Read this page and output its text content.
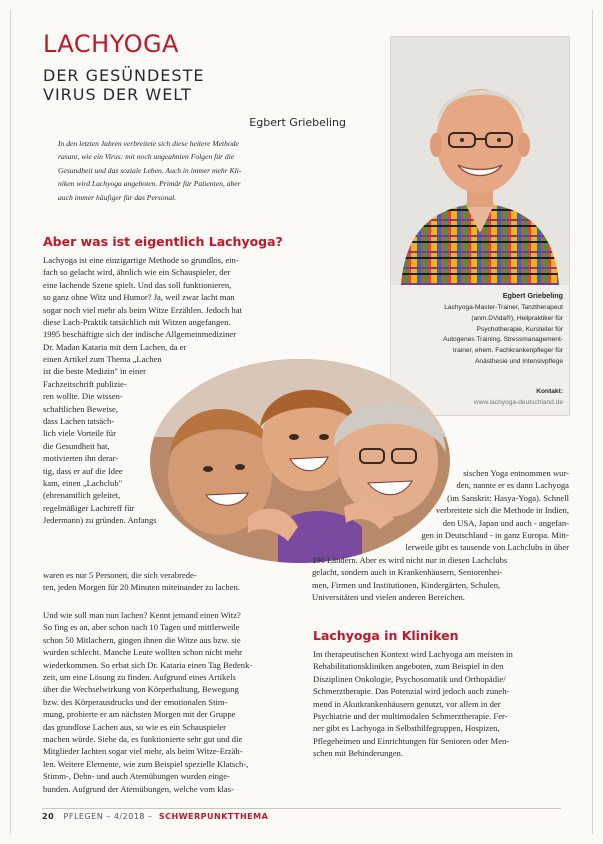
LACHYOGA
DER GESÜNDESTE
VIRUS DER WELT
Egbert Griebeling

In den letzten Jahren verbreitete sich diese heitere Methode
rasant, wie ein Virus: mit noch ungeahnten Folgen für die
Gesundheit und das soziale Leben. Auch in immer mehr Kli-
niken wird Lachyoga angeboten. Primär für Patienten, aber
auch immer häufiger für das Personal.

Egbert Griebeling

Lachyoga-Master-Trainer, Tanztherapeut
(anm.DVida®), Heilpraktiker für
Psychotherapie, Kursleiter für
Autogenes Training, Stressmanagement-
trainer, ehem. Fachkrankenpfleger für
Anästhesie und Intensivpflege

Kontakt:
www.lachyoga-deutschland.de
Aber was ist eigentlich Lachyoga?
Lachyoga ist eine einzigartige Methode so grundlos, ein-
fach so gelacht wird, ähnlich wie ein Schauspieler, der
eine lachende Szene spielt. Und das soll funktionieren,
so ganz ohne Witz und Humor? Ja, weil zwar lacht man
sogar noch viel mehr als beim Witze Erzählen. Jedoch hat
diese Lach-Praktik tatsächlich mit Witzen angefangen.
1995 beschäftigte sich der indische Allgemeinmediziner
Dr. Madan Kataria mit dem Lachen, da er
einen Artikel zum Thema „Lachen
ist die beste Medizin" in einer
Fachzeitschrift publizie-
ren wollte. Die wissen-
schaftlichen Beweise,
dass Lachen tatsäch-
lich viele Vorteile für
die Gesundheit hat,
motivierten ihn derar-
tig, dass er auf die Idee
kam, einen „Lachclub"
(ehrenamtlich geleitet,
regelmäßiger Lachtreff für
Jedermann) zu gründen. Anfangs
waren es nur 5 Personen, die sich verabrede-
ten, jeden Morgen für 20 Minuten miteinander zu lachen.
Und wie soll man nun lachen? Kennt jemand einen Witz?
So fing es an, aber schon nach 10 Tagen und mittlerweile
schon 50 Mitlachern, gingen ihnen die Witze aus bzw. sie
wurden schlecht. Manche Leute wollten schon nicht mehr
wiederkommen. So erbat sich Dr. Kataria einen Tag Bedenk-
zeit, um eine Lösung zu finden. Aufgrund eines Artikels
über die Wechselwirkung von Körperhaltung, Bewegung
bzw. des Körperausdrucks und der emotionalen Stim-
mung, probierte er am nächsten Morgen mit der Gruppe
das grundlose Lachen aus, so wie es ein Schauspieler
machen würde. Siehe da, es funktionierte sehr gut und die
Mitglieder lachten sogar viel mehr, als beim Witze-Erzäh-
len. Weitere Elemente, wie zum Beispiel spezielle Klatsch-,
Stimm-, Dehn- und auch Atemübungen wurden einge-
bunden. Aufgrund der Atemübungen, welche vom klas-
sischen Yoga entnommen wur-
den, nannte er es dann Lachyoga
(im Sanskrit: Hasya-Yoga). Schnell
verbreitete sich die Methode in Indien,
den USA, Japan und auch - angefan-
gen in Deutschland - in ganz Europa. Mitt-
lerweile gibt es tausende von Lachclubs in über
100 Ländern. Aber es wird nicht nur in diesen Lachclubs
gelacht, sondern auch in Krankenhäusern, Seniorenhei-
men, Firmen und Institutionen, Kindergärten, Schulen,
Universitäten und vielen anderen Bereichen.
Lachyoga in Kliniken
Im therapeutischen Kontext wird Lachyoga am meisten in
Rehabilitationskliniken angeboten, zum Beispiel in den
Disziplinen Onkologie, Psychosomatik und Orthopädie/
Schmerztherapie. Das Potenzial wird jedoch auch zuneh-
mend in Akutkrankenhäusern genutzt, vor allem in der
Psychiatrie und der multimodalen Schmerztherapie. Fer-
ner gibt es Lachyoga in Selbsthilfegruppen, Hospizen,
Pflegeheimen und Einrichtungen für Senioren oder Men-
schen mit Behinderungen.
20 PFLEGEN – 4/2018 –  SCHWERPUNKTTHEMA
